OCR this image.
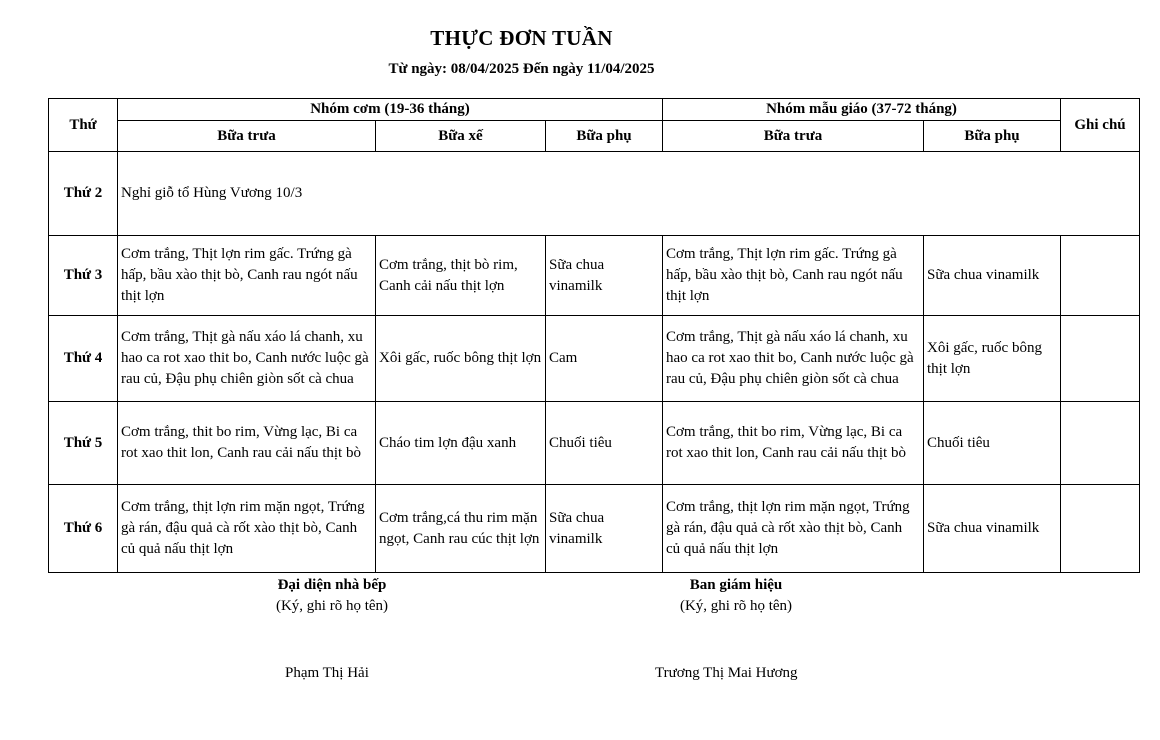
THỰC ĐƠN TUẦN
Từ ngày: 08/04/2025 Đến ngày 11/04/2025
Thứ	Nhóm cơm (19-36 tháng)			Nhóm mẫu giáo (37-72 tháng)		Ghi chú
	Bữa trưa	Bữa xế	Bữa phụ	Bữa trưa	Bữa phụ	
Thứ 2	Nghỉ giỗ tổ Hùng Vương 10/3					
Thứ 3	Cơm trắng, Thịt lợn rim gấc. Trứng gà hấp, bầu xào thịt bò, Canh rau ngót nấu thịt lợn	Cơm trắng, thịt bò rim, Canh cải nấu thịt lợn	Sữa chua vinamilk	Cơm trắng, Thịt lợn rim gấc. Trứng gà hấp, bầu xào thịt bò, Canh rau ngót nấu thịt lợn	Sữa chua vinamilk	
Thứ 4	Cơm trắng, Thịt gà nấu xáo lá chanh, xu hao ca rot xao thit bo, Canh nước luộc gà rau củ, Đậu phụ chiên giòn sốt cà chua	Xôi gấc, ruốc bông thịt lợn	Cam	Cơm trắng, Thịt gà nấu xáo lá chanh, xu hao ca rot xao thit bo, Canh nước luộc gà rau củ, Đậu phụ chiên giòn sốt cà chua	Xôi gấc, ruốc bông thịt lợn	
Thứ 5	Cơm trắng, thit bo rim, Vừng lạc, Bi ca rot xao thit lon, Canh rau cải nấu thịt bò	Cháo tim lợn đậu xanh	Chuối tiêu	Cơm trắng, thit bo rim, Vừng lạc, Bi ca rot xao thit lon, Canh rau cải nấu thịt bò	Chuối tiêu	
Thứ 6	Cơm trắng, thịt lợn rim mặn ngọt, Trứng gà rán, đậu quả cà rốt xào thịt bò, Canh củ quả nấu thịt lợn	Cơm trắng,cá thu rim mặn ngọt, Canh rau cúc thịt lợn	Sữa chua vinamilk	Cơm trắng, thịt lợn rim mặn ngọt, Trứng gà rán, đậu quả cà rốt xào thịt bò, Canh củ quả nấu thịt lợn	Sữa chua vinamilk	
Đại diện nhà bếp
(Ký, ghi rõ họ tên)
Phạm Thị Hải
Ban giám hiệu
(Ký, ghi rõ họ tên)
Trương Thị Mai Hương
